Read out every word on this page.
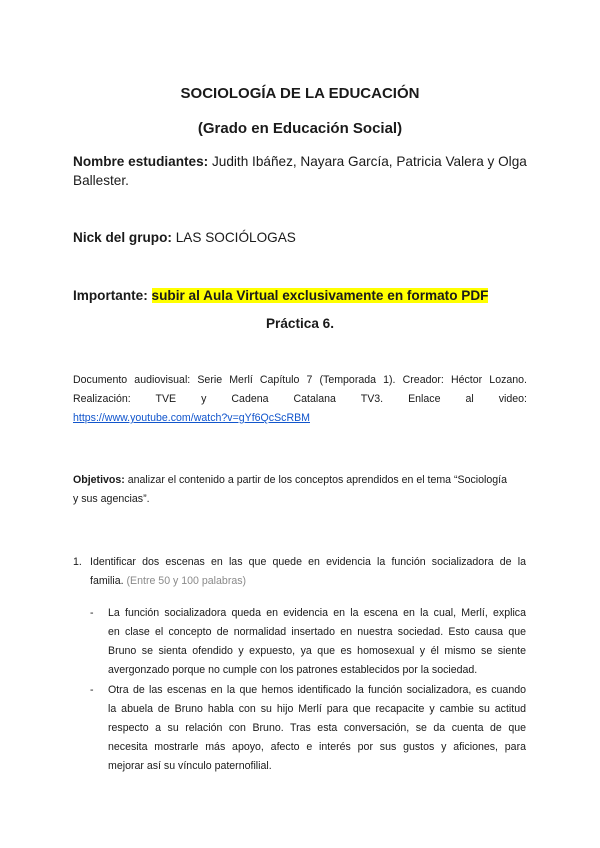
SOCIOLOGÍA DE LA EDUCACIÓN
(Grado en Educación Social)
Nombre estudiantes: Judith Ibáñez, Nayara García, Patricia Valera y Olga
Ballester.
Nick del grupo: LAS SOCIÓLOGAS
Importante: subir al Aula Virtual exclusivamente en formato PDF
Práctica 6.
Documento audiovisual: Serie Merlí Capítulo 7 (Temporada 1). Creador: Héctor Lozano.
Realización: TVE y Cadena Catalana TV3. Enlace al video:
https://www.youtube.com/watch?v=gYf6QcScRBM
Objetivos: analizar el contenido a partir de los conceptos aprendidos en el tema “Sociología
y sus agencias”.
1. Identificar dos escenas en las que quede en evidencia la función socializadora de la
familia. (Entre 50 y 100 palabras)
- La función socializadora queda en evidencia en la escena en la cual, Merlí, explica
en clase el concepto de normalidad insertado en nuestra sociedad. Esto causa que
Bruno se sienta ofendido y expuesto, ya que es homosexual y él mismo se siente
avergonzado porque no cumple con los patrones establecidos por la sociedad.
- Otra de las escenas en la que hemos identificado la función socializadora, es cuando
la abuela de Bruno habla con su hijo Merlí para que recapacite y cambie su actitud
respecto a su relación con Bruno. Tras esta conversación, se da cuenta de que
necesita mostrarle más apoyo, afecto e interés por sus gustos y aficiones, para
mejorar así su vínculo paternofilial.
